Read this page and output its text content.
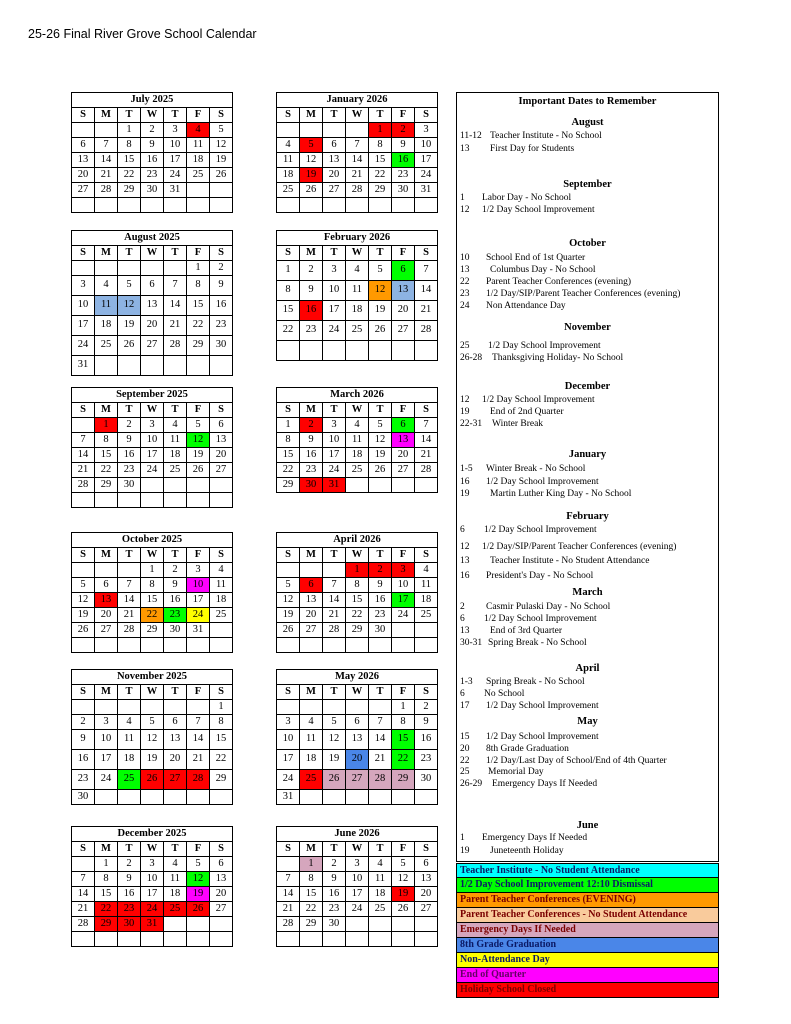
25-26 Final River Grove School Calendar
July 2025						
S	M	T	W	T	F	S
		1	2	3	4	5
6	7	8	9	10	11	12
13	14	15	16	17	18	19
20	21	22	23	24	25	26
27	28	29	30	31		

January 2026						
S	M	T	W	T	F	S
				1	2	3
4	5	6	7	8	9	10
11	12	13	14	15	16	17
18	19	20	21	22	23	24
25	26	27	28	29	30	31

August 2025						
S	M	T	W	T	F	S
					1	2
3	4	5	6	7	8	9
10	11	12	13	14	15	16
17	18	19	20	21	22	23
24	25	26	27	28	29	30
31						
February 2026						
S	M	T	W	T	F	S
1	2	3	4	5	6	7
8	9	10	11	12	13	14
15	16	17	18	19	20	21
22	23	24	25	26	27	28

September 2025						
S	M	T	W	T	F	S
	1	2	3	4	5	6
7	8	9	10	11	12	13
14	15	16	17	18	19	20
21	22	23	24	25	26	27
28	29	30				

March 2026						
S	M	T	W	T	F	S
1	2	3	4	5	6	7
8	9	10	11	12	13	14
15	16	17	18	19	20	21
22	23	24	25	26	27	28
29	30	31				
October 2025						
S	M	T	W	T	F	S
			1	2	3	4
5	6	7	8	9	10	11
12	13	14	15	16	17	18
19	20	21	22	23	24	25
26	27	28	29	30	31	

April 2026						
S	M	T	W	T	F	S
			1	2	3	4
5	6	7	8	9	10	11
12	13	14	15	16	17	18
19	20	21	22	23	24	25
26	27	28	29	30		

November 2025						
S	M	T	W	T	F	S
						1
2	3	4	5	6	7	8
9	10	11	12	13	14	15
16	17	18	19	20	21	22
23	24	25	26	27	28	29
30						
May 2026						
S	M	T	W	T	F	S
					1	2
3	4	5	6	7	8	9
10	11	12	13	14	15	16
17	18	19	20	21	22	23
24	25	26	27	28	29	30
31						
December 2025						
S	M	T	W	T	F	S
	1	2	3	4	5	6
7	8	9	10	11	12	13
14	15	16	17	18	19	20
21	22	23	24	25	26	27
28	29	30	31			

June 2026						
S	M	T	W	T	F	S
	1	2	3	4	5	6
7	8	9	10	11	12	13
14	15	16	17	18	19	20
21	22	23	24	25	26	27
28	29	30				

Important Dates to Remember
August
11-12 Teacher Institute - No School
13 First Day for Students
September
1 Labor Day - No School
12 1/2 Day School Improvement
October
10 School End of 1st Quarter
13 Columbus Day - No School
22 Parent Teacher Conferences (evening)
23 1/2 Day/SIP/Parent Teacher Conferences (evening)
24 Non Attendance Day
November
25 1/2 Day School Improvement
26-28 Thanksgiving Holiday- No School
December
12 1/2 Day School Improvement
19 End of 2nd Quarter
22-31 Winter Break
January
1-5 Winter Break - No School
16 1/2 Day School Improvement
19 Martin Luther King Day - No School
February
6 1/2 Day School Improvement
12 1/2 Day/SIP/Parent Teacher Conferences (evening)
13 Teacher Institute - No Student Attendance
16 President's Day - No School
March
2 Casmir Pulaski Day - No School
6 1/2 Day School Improvement
13 End of 3rd Quarter
30-31 Spring Break - No School
April
1-3 Spring Break - No School
6 No School
17 1/2 Day School Improvement
May
15 1/2 Day School Improvement
20 8th Grade Graduation
22 1/2 Day/Last Day of School/End of 4th Quarter
25 Memorial Day
26-29 Emergency Days If Needed
June
1 Emergency Days If Needed
19 Juneteenth Holiday
Teacher Institute - No Student Attendance
1/2 Day School Improvement 12:10 Dismissal
Parent Teacher Conferences (EVENING)
Parent Teacher Conferences - No Student Attendance
Emergency Days If Needed
8th Grade Graduation
Non-Attendance Day
End of Quarter
Holiday School Closed
